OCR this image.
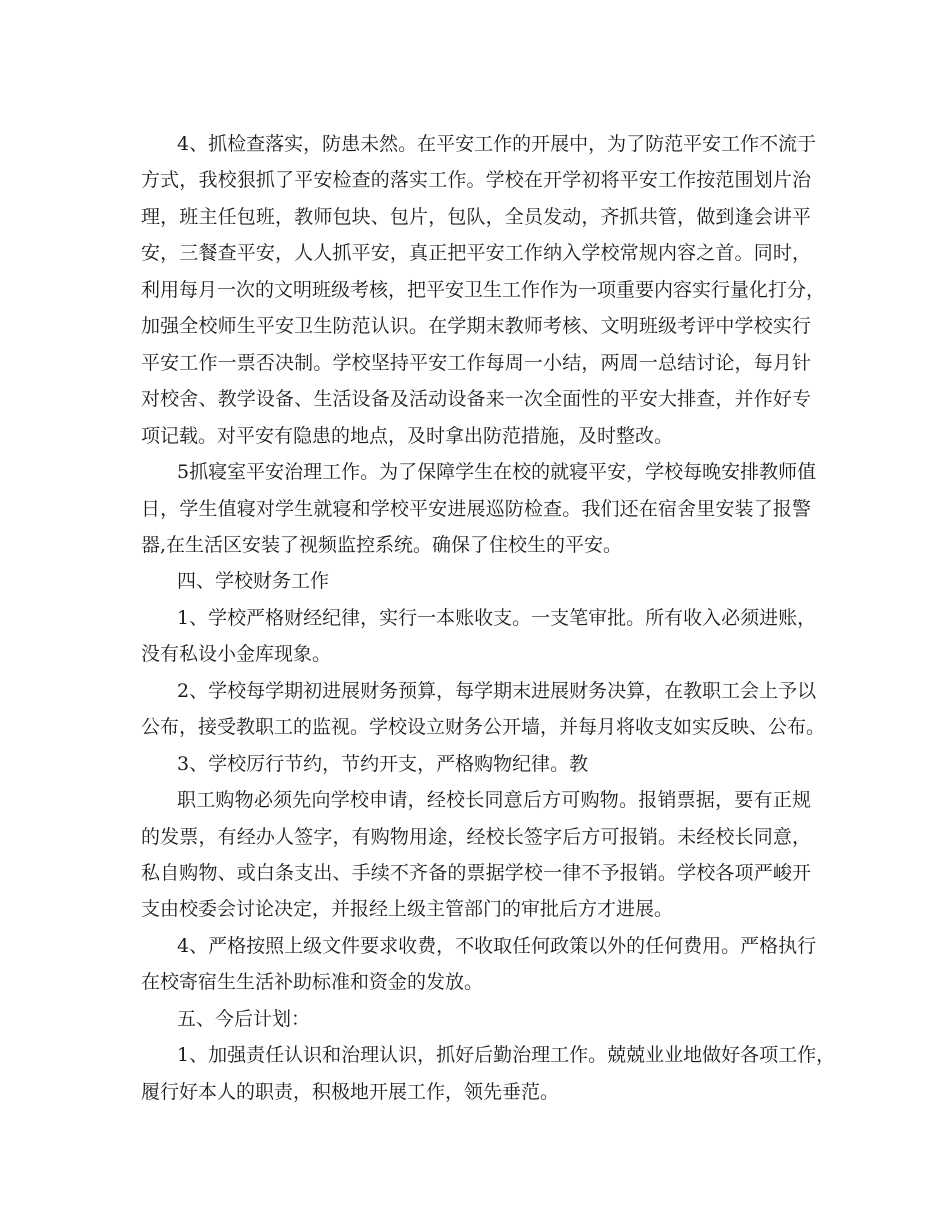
4、抓检查落实，防患未然。在平安工作的开展中，为了防范平安工作不流于
方式，我校狠抓了平安检查的落实工作。学校在开学初将平安工作按范围划片治
理，班主任包班，教师包块、包片，包队，全员发动，齐抓共管，做到逢会讲平
安，三餐查平安，人人抓平安，真正把平安工作纳入学校常规内容之首。同时，
利用每月一次的文明班级考核，把平安卫生工作作为一项重要内容实行量化打分，
加强全校师生平安卫生防范认识。在学期末教师考核、文明班级考评中学校实行
平安工作一票否决制。学校坚持平安工作每周一小结，两周一总结讨论，每月针
对校舍、教学设备、生活设备及活动设备来一次全面性的平安大排查，并作好专
项记载。对平安有隐患的地点，及时拿出防范措施，及时整改。
5抓寝室平安治理工作。为了保障学生在校的就寝平安，学校每晚安排教师值
日，学生值寝对学生就寝和学校平安进展巡防检查。我们还在宿舍里安装了报警
器,在生活区安装了视频监控系统。确保了住校生的平安。
四、学校财务工作
1、学校严格财经纪律，实行一本账收支。一支笔审批。所有收入必须进账，
没有私设小金库现象。
2、学校每学期初进展财务预算，每学期末进展财务决算，在教职工会上予以
公布，接受教职工的监视。学校设立财务公开墙，并每月将收支如实反映、公布。
3、学校厉行节约，节约开支，严格购物纪律。教
职工购物必须先向学校申请，经校长同意后方可购物。报销票据，要有正规
的发票，有经办人签字，有购物用途，经校长签字后方可报销。未经校长同意，
私自购物、或白条支出、手续不齐备的票据学校一律不予报销。学校各项严峻开
支由校委会讨论决定，并报经上级主管部门的审批后方才进展。
4、严格按照上级文件要求收费，不收取任何政策以外的任何费用。严格执行
在校寄宿生生活补助标准和资金的发放。
五、今后计划：
1、加强责任认识和治理认识，抓好后勤治理工作。兢兢业业地做好各项工作，
履行好本人的职责，积极地开展工作，领先垂范。
